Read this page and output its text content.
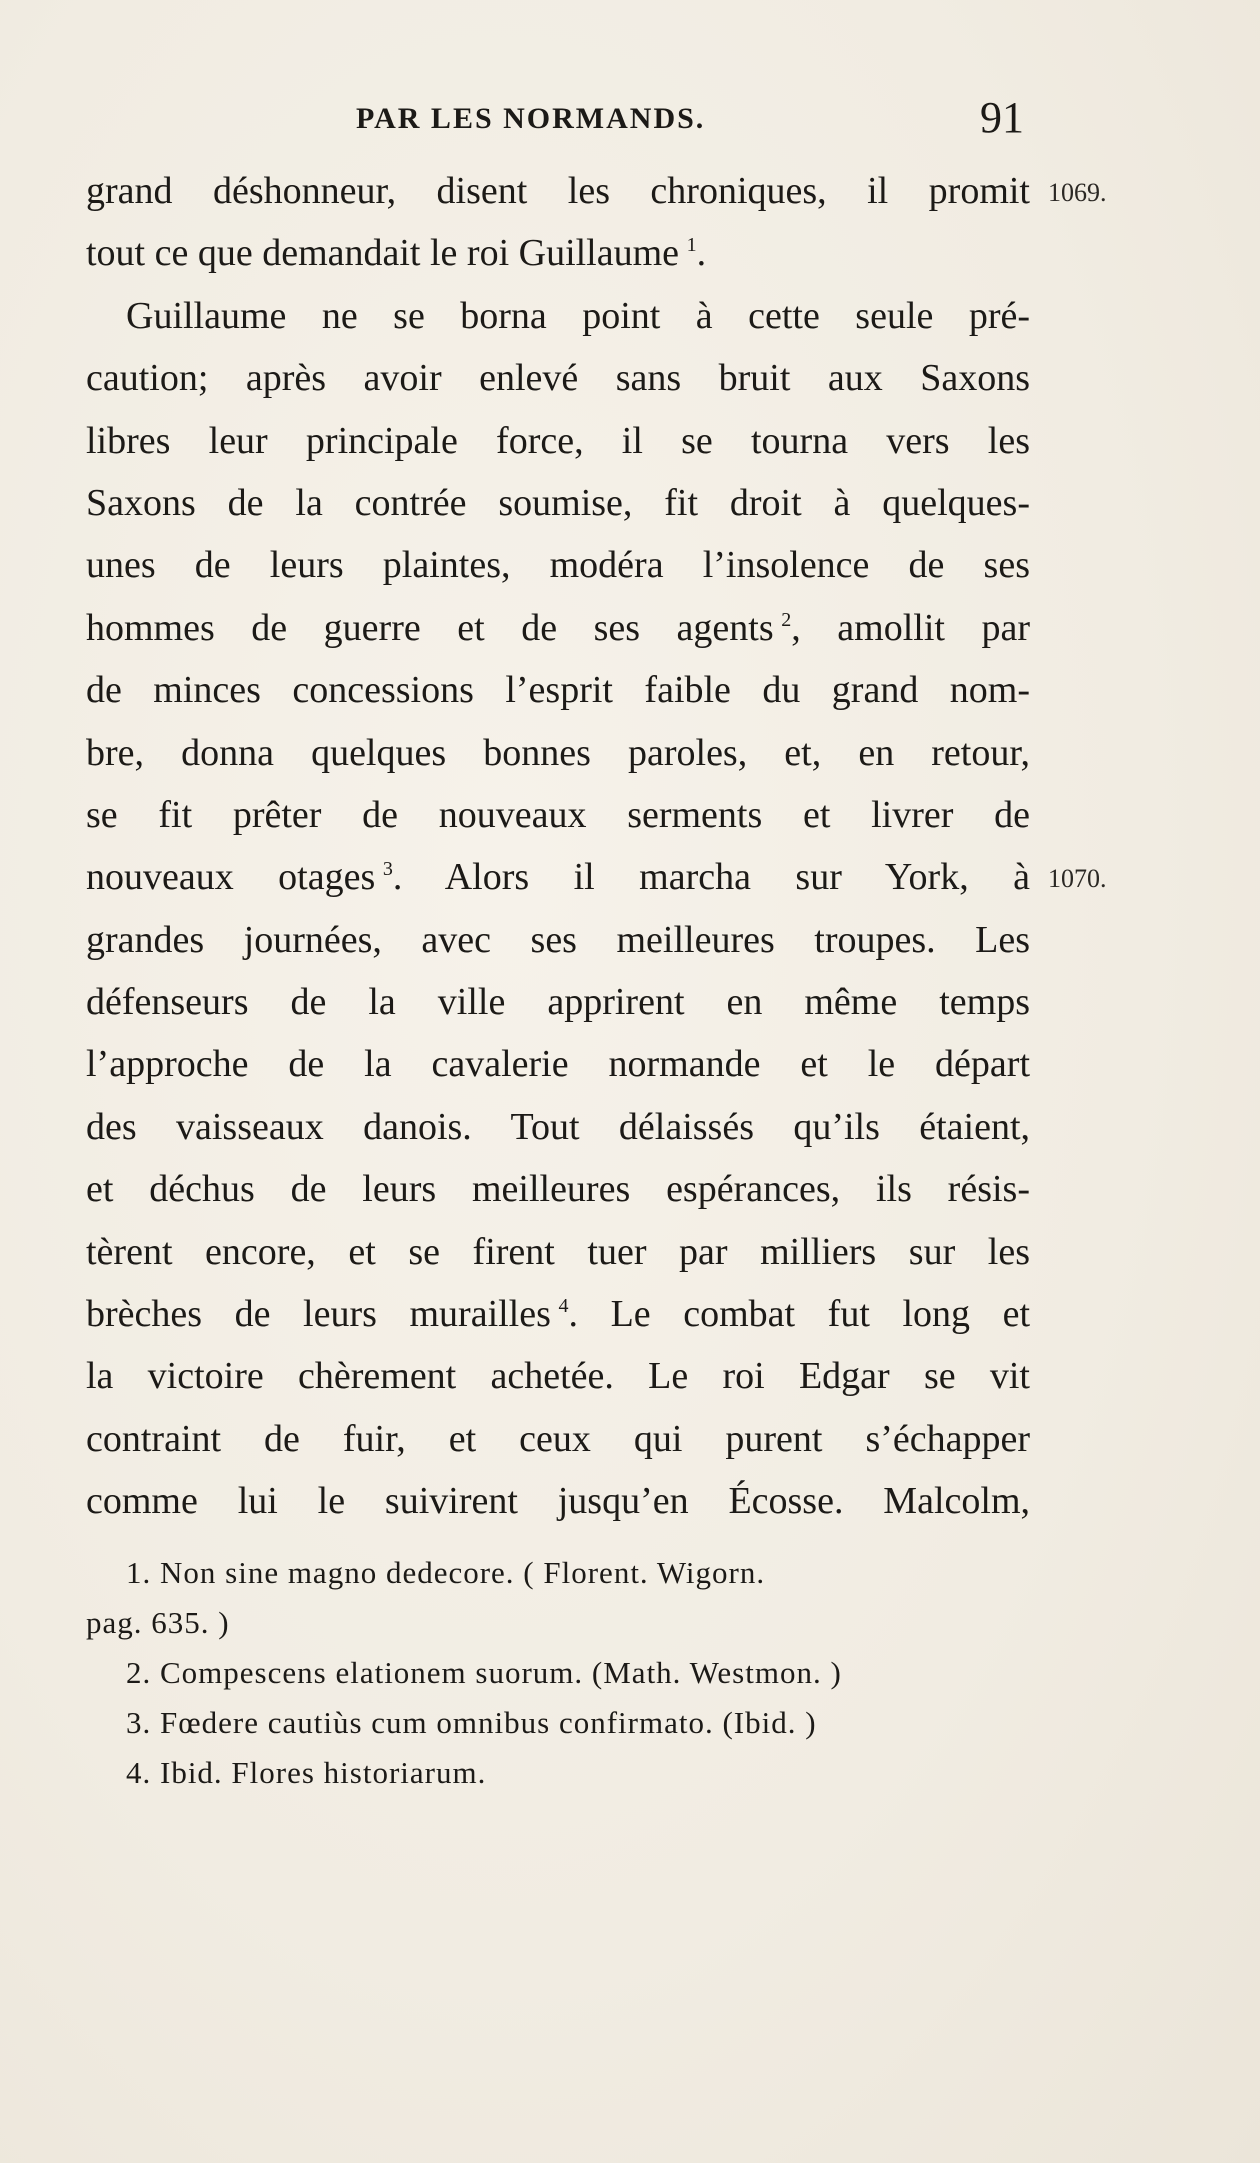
PAR LES NORMANDS.	91
1069.
1070.
grand déshonneur, disent les chroniques, il promit
tout ce que demandait le roi Guillaume  $^1$.
Guillaume ne se borna point à cette seule pré-
caution; après avoir enlevé sans bruit aux Saxons
libres leur principale force, il se tourna vers les
Saxons de la contrée soumise, fit droit à quelques-
unes de leurs plaintes, modéra l’insolence de ses
hommes de guerre et de ses agents  $^2$, amollit par
de minces concessions l’esprit faible du grand nom-
bre, donna quelques bonnes paroles, et, en retour,
se fit prêter de nouveaux serments et livrer de
nouveaux otages  $^3$. Alors il marcha sur York, à
grandes journées, avec ses meilleures troupes. Les
défenseurs de la ville apprirent en même temps
l’approche de la cavalerie normande et le départ
des vaisseaux danois. Tout délaissés qu’ils étaient,
et déchus de leurs meilleures espérances, ils résis-
tèrent encore, et se firent tuer par milliers sur les
brèches de leurs murailles  $^4$. Le combat fut long et
la victoire chèrement achetée. Le roi Edgar se vit
contraint de fuir, et ceux qui purent s’échapper
comme lui le suivirent jusqu’en Écosse. Malcolm,
1. Non sine magno dedecore. ( Florent. Wigorn.
pag. 635. )
2. Compescens elationem suorum. (Math. Westmon. )
3. Fœdere cautiùs cum omnibus confirmato. (Ibid. )
4. Ibid. Flores historiarum.
